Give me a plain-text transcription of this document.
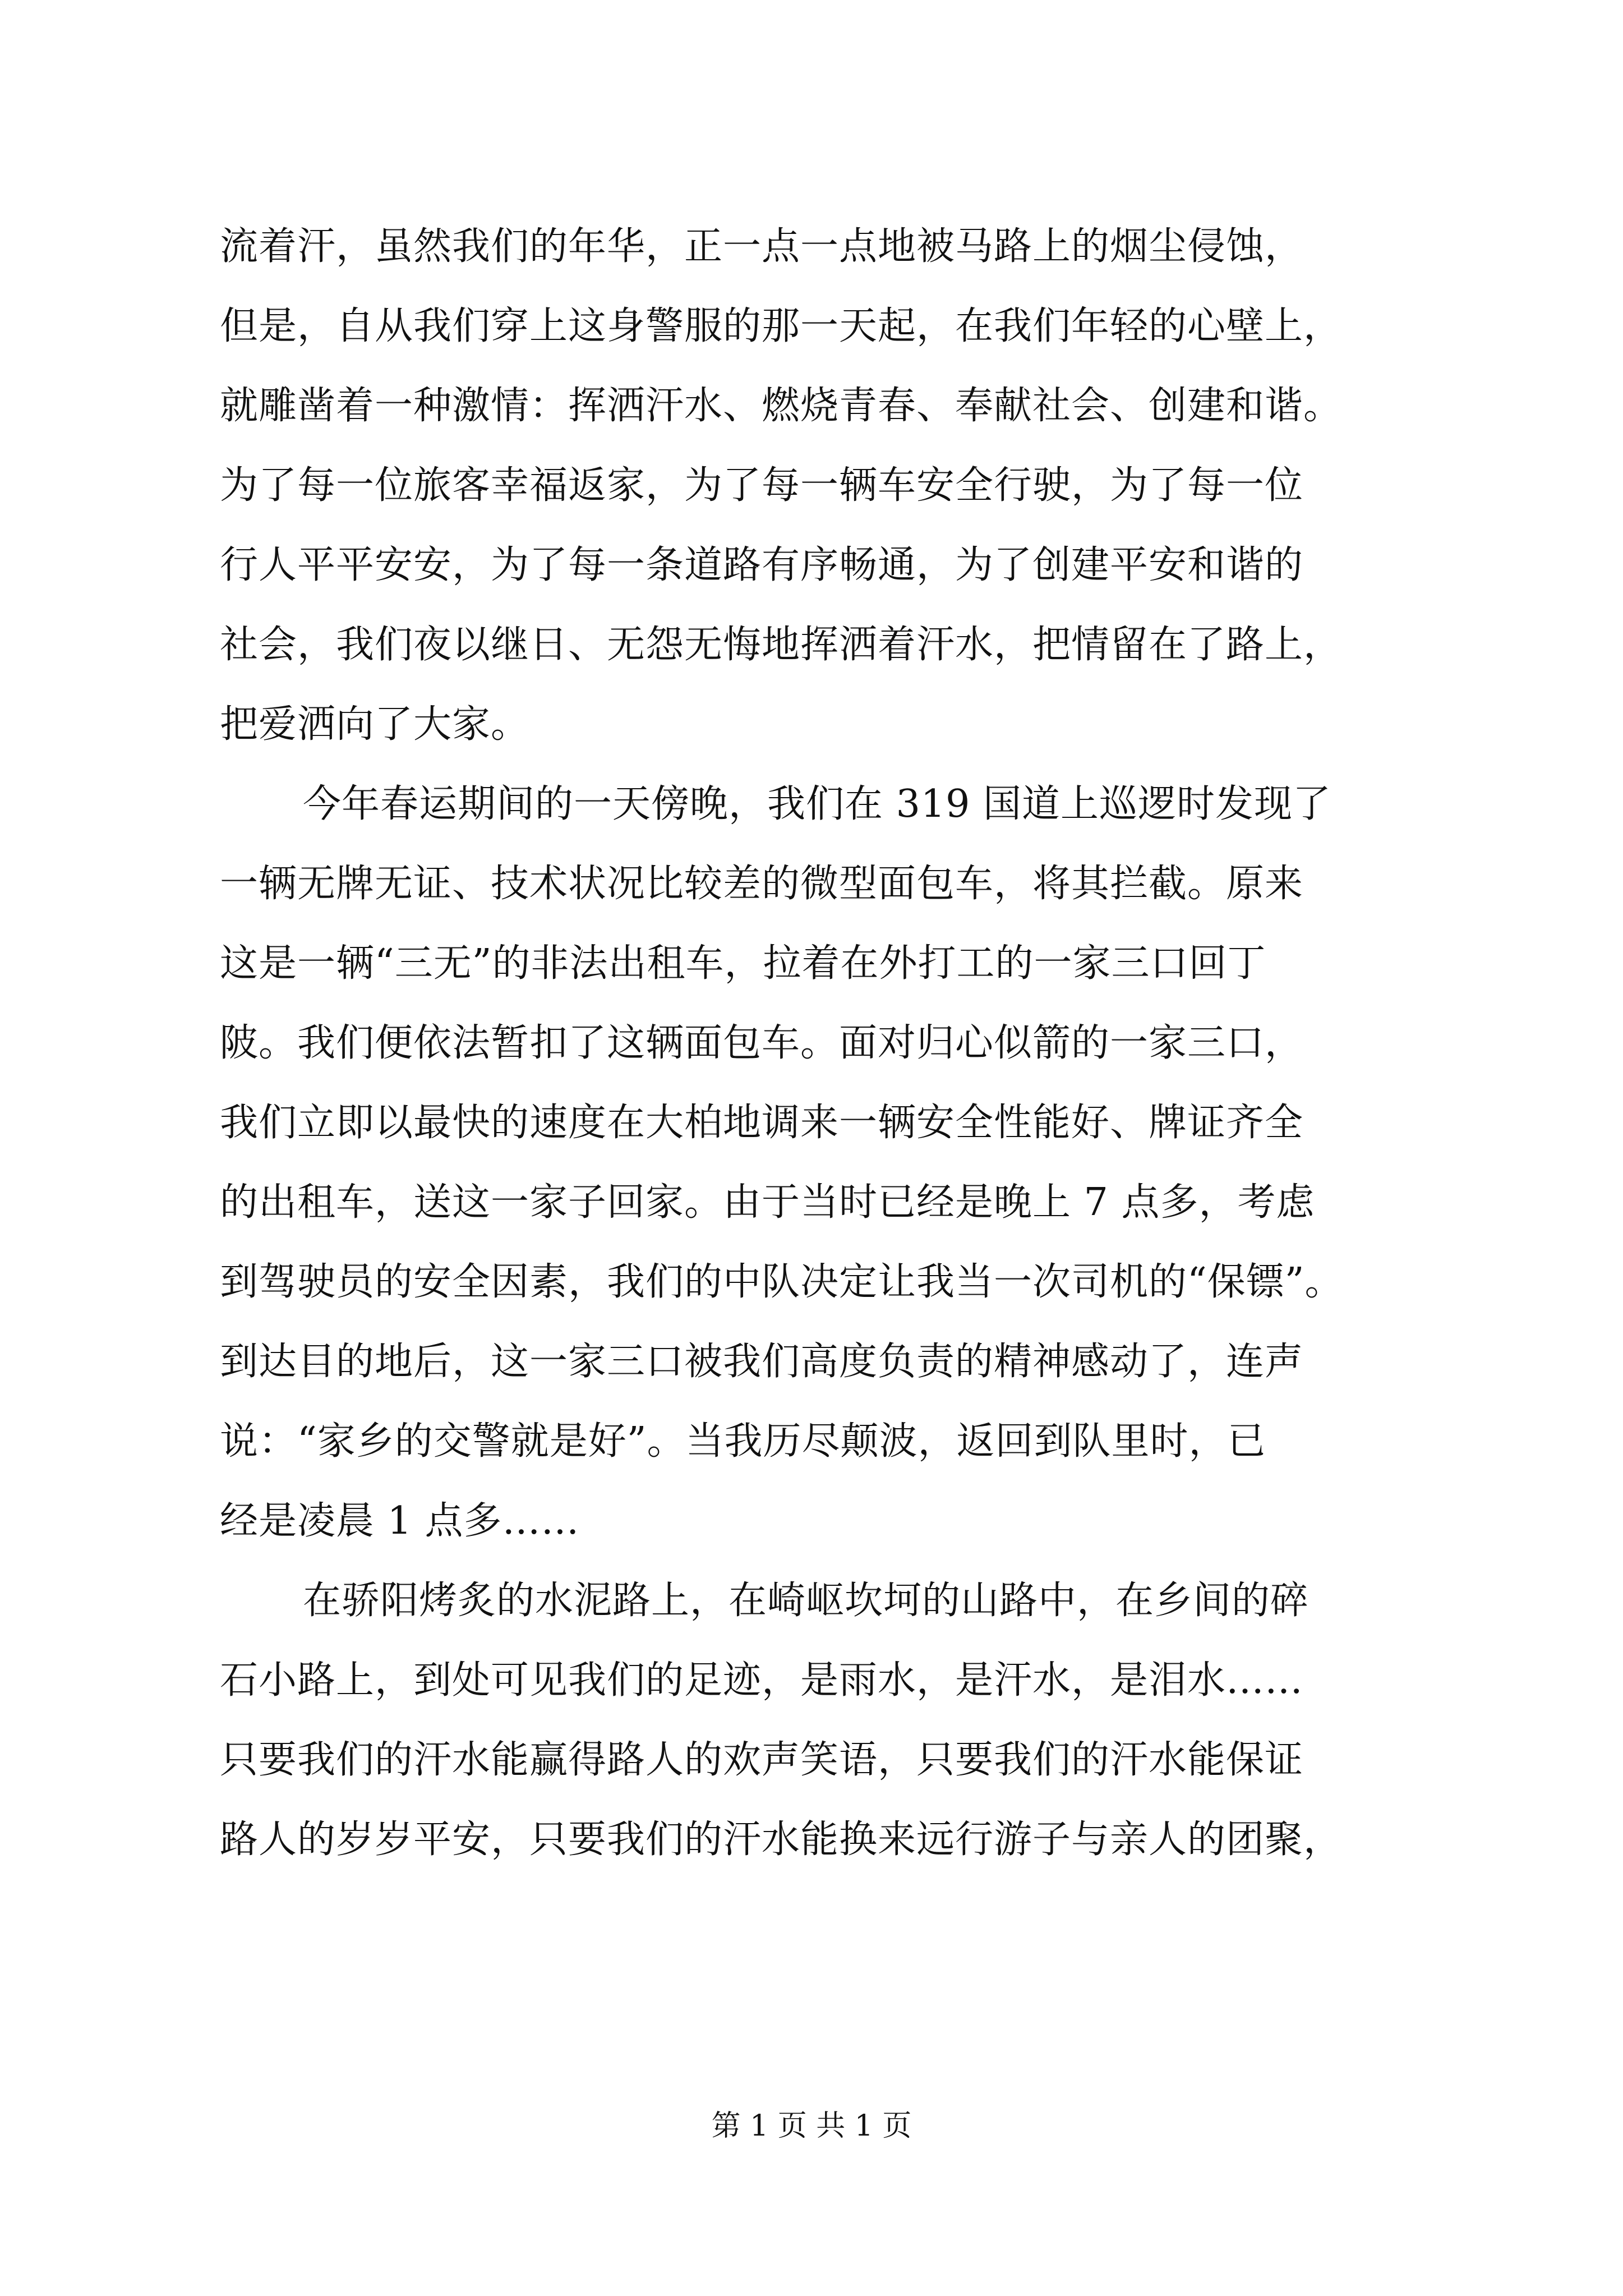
流着汗，虽然我们的年华，正一点一点地被马路上的烟尘侵蚀，
但是，自从我们穿上这身警服的那一天起，在我们年轻的心壁上，
就雕凿着一种激情：挥洒汗水、燃烧青春、奉献社会、创建和谐。
为了每一位旅客幸福返家，为了每一辆车安全行驶，为了每一位
行人平平安安，为了每一条道路有序畅通，为了创建平安和谐的
社会，我们夜以继日、无怨无悔地挥洒着汗水，把情留在了路上，
把爱洒向了大家。
今年春运期间的一天傍晚，我们在 319 国道上巡逻时发现了
一辆无牌无证、技术状况比较差的微型面包车，将其拦截。原来
这是一辆“三无”的非法出租车，拉着在外打工的一家三口回丁
陂。我们便依法暂扣了这辆面包车。面对归心似箭的一家三口，
我们立即以最快的速度在大柏地调来一辆安全性能好、牌证齐全
的出租车，送这一家子回家。由于当时已经是晚上 7 点多，考虑
到驾驶员的安全因素，我们的中队决定让我当一次司机的“保镖”。
到达目的地后，这一家三口被我们高度负责的精神感动了，连声
说：“家乡的交警就是好”。当我历尽颠波，返回到队里时，已
经是凌晨 1 点多……
在骄阳烤炙的水泥路上，在崎岖坎坷的山路中，在乡间的碎
石小路上，到处可见我们的足迹，是雨水，是汗水，是泪水……
只要我们的汗水能赢得路人的欢声笑语，只要我们的汗水能保证
路人的岁岁平安，只要我们的汗水能换来远行游子与亲人的团聚，
第 1 页 共 1 页
